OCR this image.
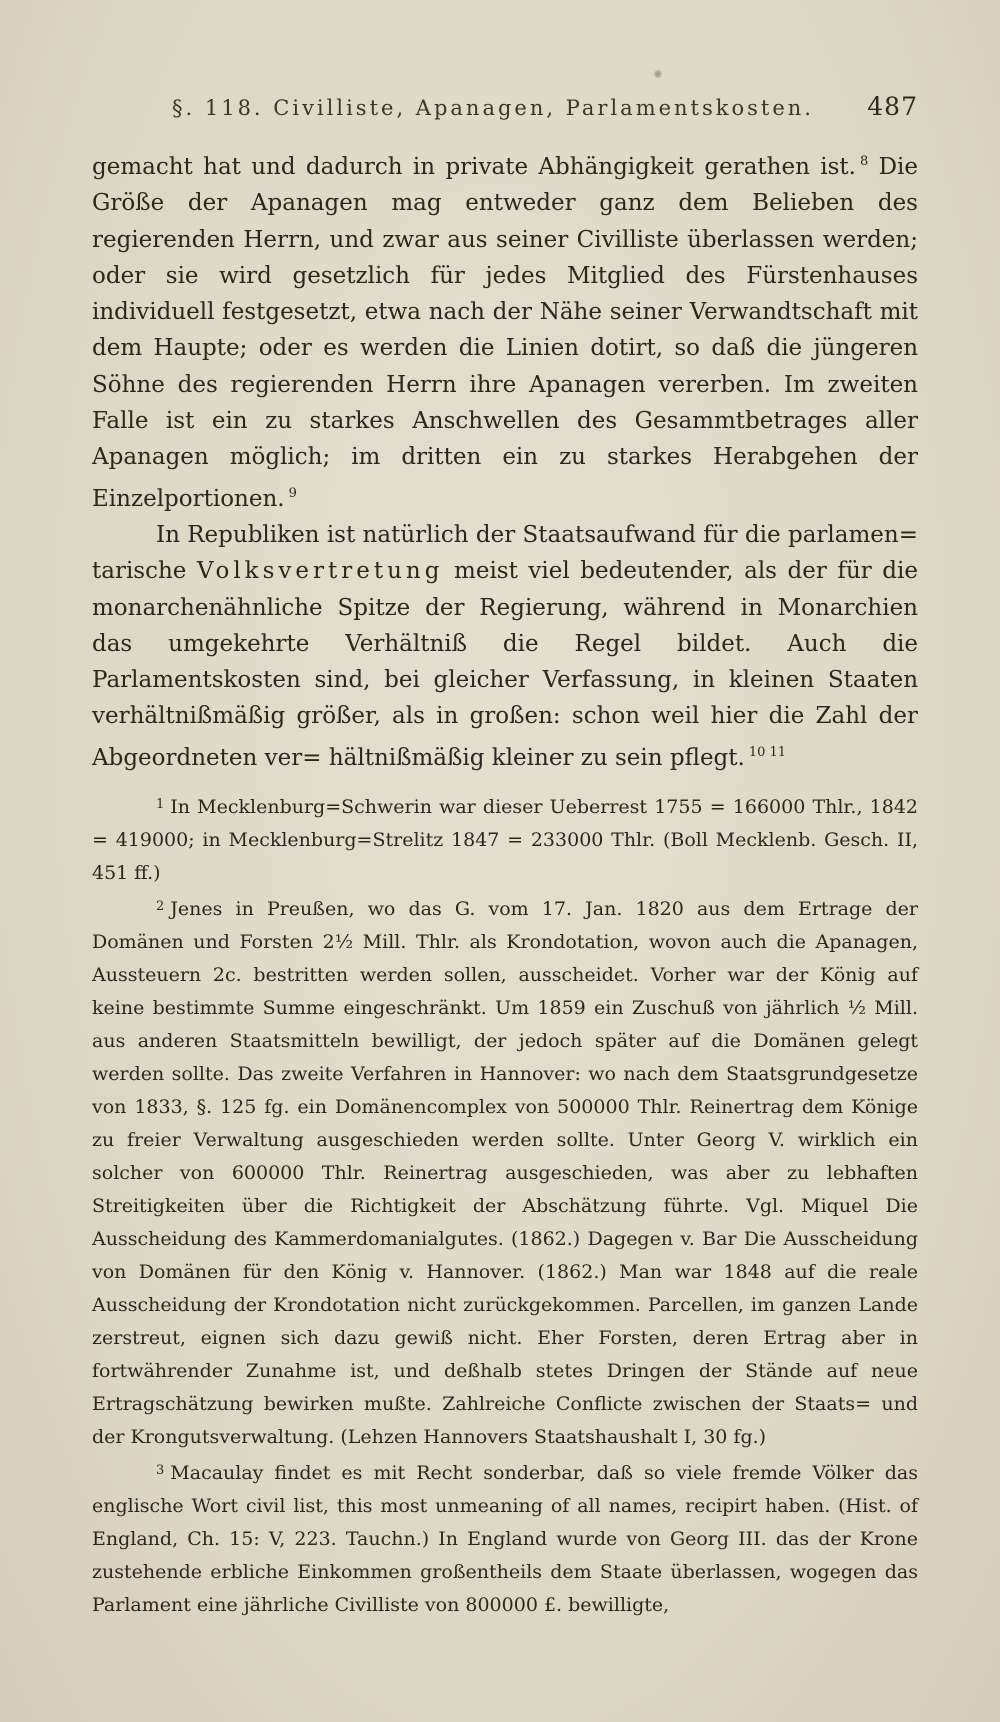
§. 118. Civilliste, Apanagen, Parlamentskosten. 487

gemacht hat und dadurch in private Abhängigkeit gerathen ist. $^8$ Die Größe der Apanagen mag entweder ganz dem Belieben des regierenden Herrn, und zwar aus seiner Civilliste überlassen werden; oder sie wird gesetzlich für jedes Mitglied des Fürstenhauses individuell festgesetzt, etwa nach der Nähe seiner Verwandtschaft mit dem Haupte; oder es werden die Linien dotirt, so daß die jüngeren Söhne des regierenden Herrn ihre Apanagen vererben. Im zweiten Falle ist ein zu starkes Anschwellen des Gesammtbetrages aller Apanagen möglich; im dritten ein zu starkes Herabgehen der Einzelportionen. $^9$

In Republiken ist natürlich der Staatsaufwand für die parlamen= tarische Volksvertretung meist viel bedeutender, als der für die monarchenähnliche Spitze der Regierung, während in Monarchien das umgekehrte Verhältniß die Regel bildet. Auch die Parlamentskosten sind, bei gleicher Verfassung, in kleinen Staaten verhältnißmäßig größer, als in großen: schon weil hier die Zahl der Abgeordneten ver= hältnißmäßig kleiner zu sein pflegt. $^{10 11}$

$^1$ In Mecklenburg=Schwerin war dieser Ueberrest 1755 = 166000 Thlr., 1842 = 419000; in Mecklenburg=Strelitz 1847 = 233000 Thlr. (Boll Mecklenb. Gesch. II, 451 ff.)

$^2$ Jenes in Preußen, wo das G. vom 17. Jan. 1820 aus dem Ertrage der Domänen und Forsten 2½ Mill. Thlr. als Krondotation, wovon auch die Apanagen, Aussteuern 2c. bestritten werden sollen, ausscheidet. Vorher war der König auf keine bestimmte Summe eingeschränkt. Um 1859 ein Zuschuß von jährlich ½ Mill. aus anderen Staatsmitteln bewilligt, der jedoch später auf die Domänen gelegt werden sollte. Das zweite Verfahren in Hannover: wo nach dem Staatsgrundgesetze von 1833, §. 125 fg. ein Domänencomplex von 500000 Thlr. Reinertrag dem Könige zu freier Verwaltung ausgeschieden werden sollte. Unter Georg V. wirklich ein solcher von 600000 Thlr. Reinertrag ausgeschieden, was aber zu lebhaften Streitigkeiten über die Richtigkeit der Abschätzung führte. Vgl. Miquel Die Ausscheidung des Kammerdomanialgutes. (1862.) Dagegen v. Bar Die Ausscheidung von Domänen für den König v. Hannover. (1862.) Man war 1848 auf die reale Ausscheidung der Krondotation nicht zurückgekommen. Parcellen, im ganzen Lande zerstreut, eignen sich dazu gewiß nicht. Eher Forsten, deren Ertrag aber in fortwährender Zunahme ist, und deßhalb stetes Dringen der Stände auf neue Ertragschätzung bewirken mußte. Zahlreiche Conflicte zwischen der Staats= und der Krongutsverwaltung. (Lehzen Hannovers Staatshaushalt I, 30 fg.)

$^3$ Macaulay findet es mit Recht sonderbar, daß so viele fremde Völker das englische Wort civil list, this most unmeaning of all names, recipirt haben. (Hist. of England, Ch. 15: V, 223. Tauchn.) In England wurde von Georg III. das der Krone zustehende erbliche Einkommen großentheils dem Staate überlassen, wogegen das Parlament eine jährliche Civilliste von 800000 £. bewilligte,
